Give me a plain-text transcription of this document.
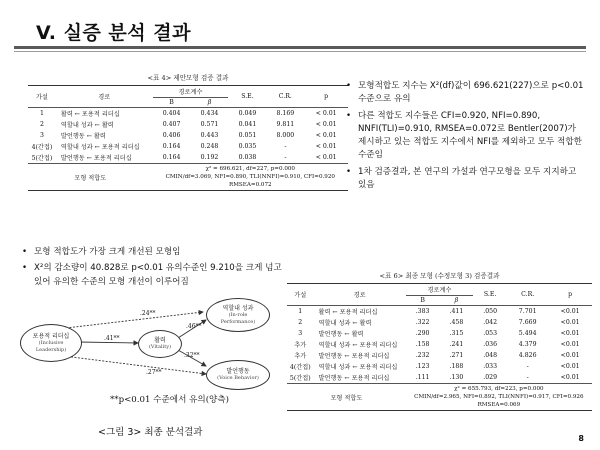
V. 실증 분석 결과
<표 4> 제안모형 검증 결과
가설	경로	경로계수		S.E.	C.R.	p
		B	β			
1	활력 ← 포용적 리더십	0.404	0.434	0.049	8.169	< 0.01
2	역할내 성과 ← 활력	0.407	0.571	0.041	9.811	< 0.01
3	발언행동 ← 활력	0.406	0.443	0.051	8.000	< 0.01
4(간접)	역할내 성과 ← 포용적 리더십	0.164	0.248	0.035	-	< 0.01
5(간접)	발언행동 ← 포용적 리더십	0.164	0.192	0.038	-	< 0.01
모형 적합도		χ² = 696.621, df=227, p=0.000
CMIN/df=3.069, NFI=0.890, TLI(NNFI)=0.910, CFI=0.920
RMSEA=0.072				
• 모형적합도 지수는 X²(df)값이 696.621(227)으로 p<0.01 수준으로 유의
• 다른 적합도 지수들은 CFI=0.920, NFI=0.890, NNFI(TLI)=0.910, RMSEA=0.072로 Bentler(2007)가 제시하고 있는 적합도 지수에서 NFI를 제외하고 모두 적합한 수준임
• 1차 검증결과, 본 연구의 가설과 연구모형을 모두 지지하고 있음
• 모형 적합도가 가장 크게 개선된 모형임
• X²의 감소량이 40.828로 p<0.01 유의수준인 9.210을 크게 넘고 있어 유의한 수준의 모형 개선이 이루어짐
포용적 리더십
(Inclusive
Leadership)
활력
(Vitality)
역할내 성과
(In-role
Performance)
발언행동
(Voice Behavior)
.41**
.24**
.46**
.32**
.27**
**p<0.01 수준에서 유의(양측)
<그림 3> 최종 분석결과
<표 6> 최종 모형 (수정모형 3) 검증결과
가설	경로	경로계수		S.E.	C.R.	p
		B	β			
1	활력 ← 포용적 리더십	.383	.411	.050	7.701	<0.01
2	역할내 성과 ← 활력	.322	.458	.042	7.669	<0.01
3	발언행동 ← 활력	.290	.315	.053	5.494	<0.01
추가	역할내 성과 ← 포용적 리더십	.158	.241	.036	4.379	<0.01
추가	발언행동 ← 포용적 리더십	.232	.271	.048	4.826	<0.01
4(간접)	역할내 성과 ← 포용적 리더십	.123	.188	.033	-	<0.01
5(간접)	발언행동 ← 포용적 리더십	.111	.130	.029	-	<0.01
모형 적합도		χ² = 655.793, df=223, p=0.000
CMIN/df=2.965, NFI=0.892, TLI(NNFI)=0.917, CFI=0.926
RMSEA=0.069				
8
